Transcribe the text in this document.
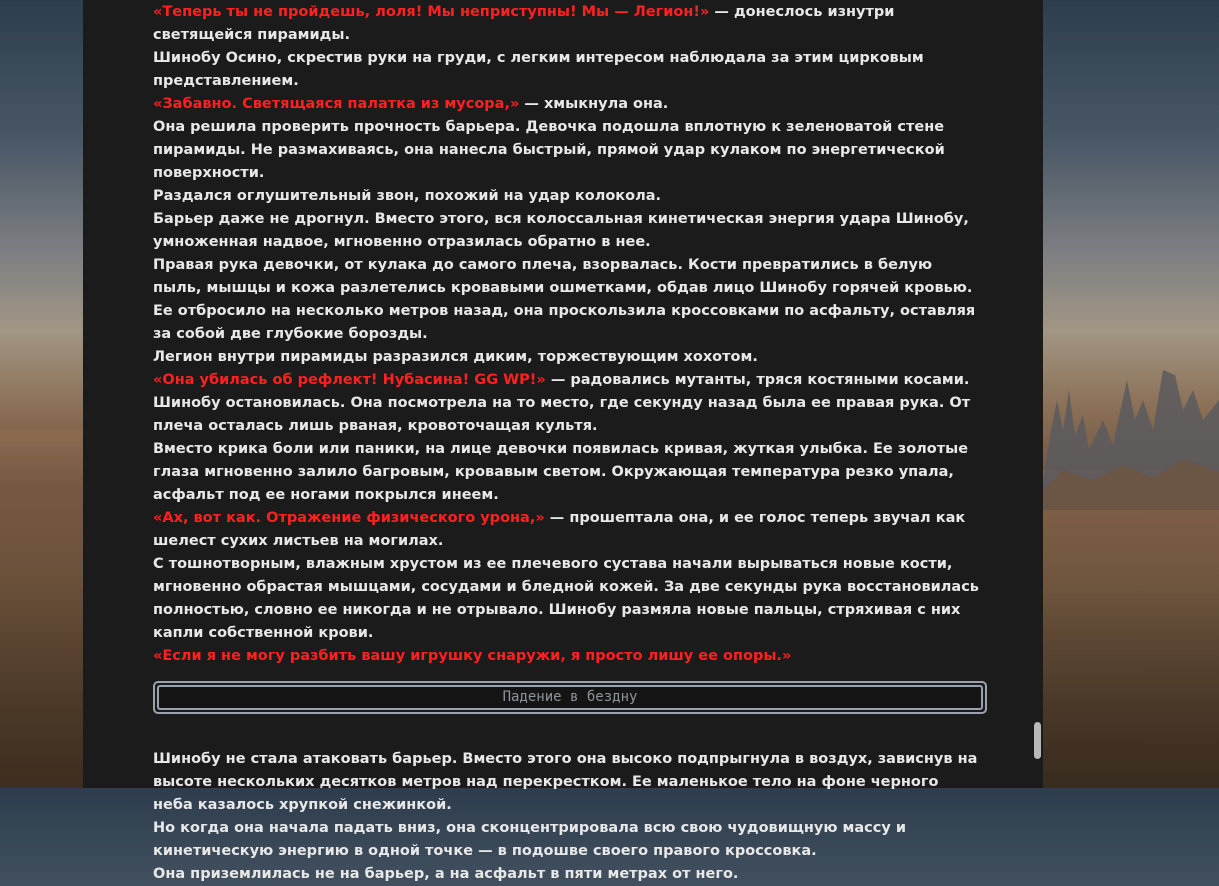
«Теперь ты не пройдешь, лоля! Мы неприступны! Мы — Легион!» — донеслось изнутри светящейся пирамиды.

Шинобу Осино, скрестив руки на груди, с легким интересом наблюдала за этим цирковым представлением.

«Забавно. Светящаяся палатка из мусора,» — хмыкнула она.

Она решила проверить прочность барьера. Девочка подошла вплотную к зеленоватой стене пирамиды. Не размахиваясь, она нанесла быстрый, прямой удар кулаком по энергетической поверхности.

Раздался оглушительный звон, похожий на удар колокола.

Барьер даже не дрогнул. Вместо этого, вся колоссальная кинетическая энергия удара Шинобу, умноженная надвое, мгновенно отразилась обратно в нее.

Правая рука девочки, от кулака до самого плеча, взорвалась. Кости превратились в белую пыль, мышцы и кожа разлетелись кровавыми ошметками, обдав лицо Шинобу горячей кровью. Ее отбросило на несколько метров назад, она проскользила кроссовками по асфальту, оставляя за собой две глубокие борозды.

Легион внутри пирамиды разразился диким, торжествующим хохотом.

«Она убилась об рефлект! Нубасина! GG WP!» — радовались мутанты, тряся костяными косами.

Шинобу остановилась. Она посмотрела на то место, где секунду назад была ее правая рука. От плеча осталась лишь рваная, кровоточащая культя.

Вместо крика боли или паники, на лице девочки появилась кривая, жуткая улыбка. Ее золотые глаза мгновенно залило багровым, кровавым светом. Окружающая температура резко упала, асфальт под ее ногами покрылся инеем.

«Ах, вот как. Отражение физического урона,» — прошептала она, и ее голос теперь звучал как шелест сухих листьев на могилах.

С тошнотворным, влажным хрустом из ее плечевого сустава начали вырываться новые кости, мгновенно обрастая мышцами, сосудами и бледной кожей. За две секунды рука восстановилась полностью, словно ее никогда и не отрывало. Шинобу размяла новые пальцы, стряхивая с них капли собственной крови.

«Если я не могу разбить вашу игрушку снаружи, я просто лишу ее опоры.»

Падение в бездну

Шинобу не стала атаковать барьер. Вместо этого она высоко подпрыгнула в воздух, зависнув на высоте нескольких десятков метров над перекрестком. Ее маленькое тело на фоне черного неба казалось хрупкой снежинкой.

Но когда она начала падать вниз, она сконцентрировала всю свою чудовищную массу и кинетическую энергию в одной точке — в подошве своего правого кроссовка.

Она приземлилась не на барьер, а на асфальт в пяти метрах от него.
